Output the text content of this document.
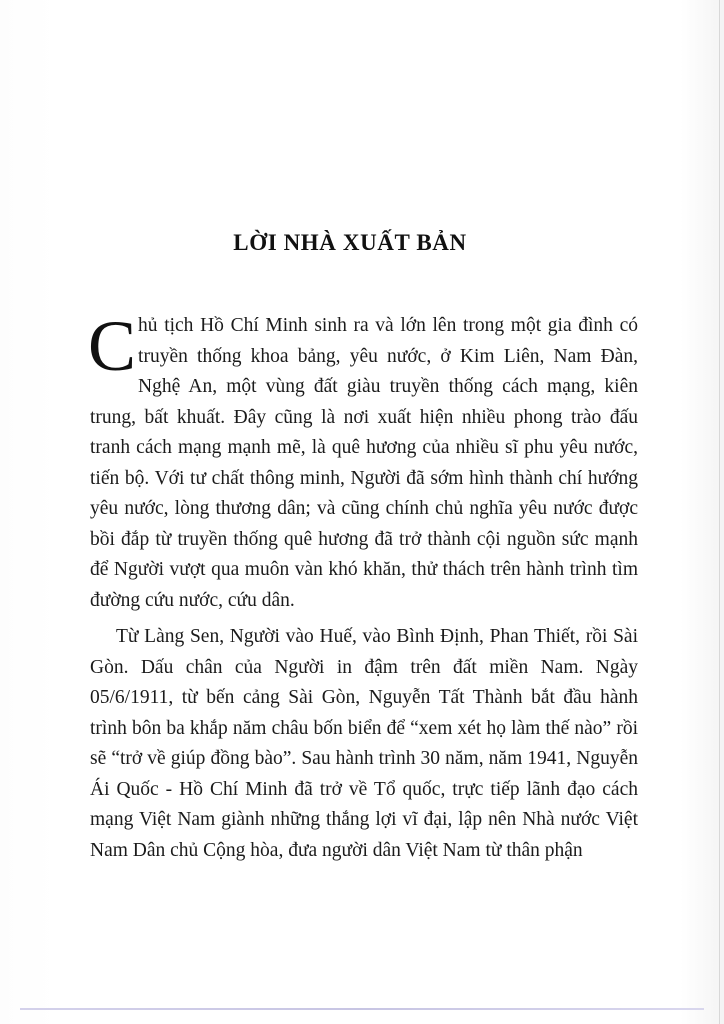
LỜI NHÀ XUẤT BẢN

Chủ tịch Hồ Chí Minh sinh ra và lớn lên trong một gia đình có truyền thống khoa bảng, yêu nước, ở Kim Liên, Nam Đàn, Nghệ An, một vùng đất giàu truyền thống cách mạng, kiên trung, bất khuất. Đây cũng là nơi xuất hiện nhiều phong trào đấu tranh cách mạng mạnh mẽ, là quê hương của nhiều sĩ phu yêu nước, tiến bộ. Với tư chất thông minh, Người đã sớm hình thành chí hướng yêu nước, lòng thương dân; và cũng chính chủ nghĩa yêu nước được bồi đắp từ truyền thống quê hương đã trở thành cội nguồn sức mạnh để Người vượt qua muôn vàn khó khăn, thử thách trên hành trình tìm đường cứu nước, cứu dân.

Từ Làng Sen, Người vào Huế, vào Bình Định, Phan Thiết, rồi Sài Gòn. Dấu chân của Người in đậm trên đất miền Nam. Ngày 05/6/1911, từ bến cảng Sài Gòn, Nguyễn Tất Thành bắt đầu hành trình bôn ba khắp năm châu bốn biển để “xem xét họ làm thế nào” rồi sẽ “trở về giúp đồng bào”. Sau hành trình 30 năm, năm 1941, Nguyễn Ái Quốc - Hồ Chí Minh đã trở về Tổ quốc, trực tiếp lãnh đạo cách mạng Việt Nam giành những thắng lợi vĩ đại, lập nên Nhà nước Việt Nam Dân chủ Cộng hòa, đưa người dân Việt Nam từ thân phận
